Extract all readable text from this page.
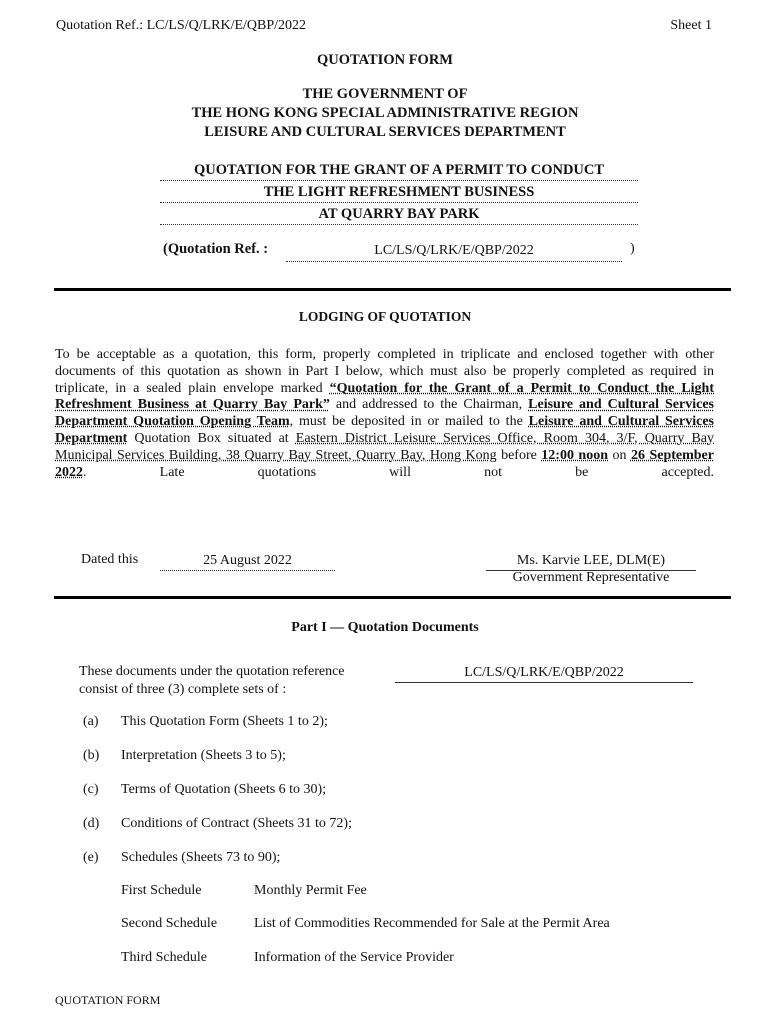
Quotation Ref.: LC/LS/Q/LRK/E/QBP/2022	Sheet 1
QUOTATION FORM
THE GOVERNMENT OF
THE HONG KONG SPECIAL ADMINISTRATIVE REGION
LEISURE AND CULTURAL SERVICES DEPARTMENT
QUOTATION FOR THE GRANT OF A PERMIT TO CONDUCT
THE LIGHT REFRESHMENT BUSINESS
AT QUARRY BAY PARK
(Quotation Ref. :	LC/LS/Q/LRK/E/QBP/2022	)
LODGING OF QUOTATION
To be acceptable as a quotation, this form, properly completed in triplicate and enclosed together with other documents of this quotation as shown in Part I below, which must also be properly completed as required in triplicate, in a sealed plain envelope marked “Quotation for the Grant of a Permit to Conduct the Light Refreshment Business at Quarry Bay Park” and addressed to the Chairman, Leisure and Cultural Services Department Quotation Opening Team, must be deposited in or mailed to the Leisure and Cultural Services Department Quotation Box situated at Eastern District Leisure Services Office, Room 304, 3/F, Quarry Bay Municipal Services Building, 38 Quarry Bay Street, Quarry Bay, Hong Kong before 12:00 noon on 26 September 2022. Late quotations will not be accepted.
Dated this	25 August 2022	Ms. Karvie LEE, DLM(E)
Government Representative
Part I — Quotation Documents
These documents under the quotation reference
consist of three (3) complete sets of :
LC/LS/Q/LRK/E/QBP/2022
(a) This Quotation Form (Sheets 1 to 2);
(b) Interpretation (Sheets 3 to 5);
(c) Terms of Quotation (Sheets 6 to 30);
(d) Conditions of Contract (Sheets 31 to 72);
(e) Schedules (Sheets 73 to 90);
First Schedule	Monthly Permit Fee
Second Schedule	List of Commodities Recommended for Sale at the Permit Area
Third Schedule	Information of the Service Provider
QUOTATION FORM
